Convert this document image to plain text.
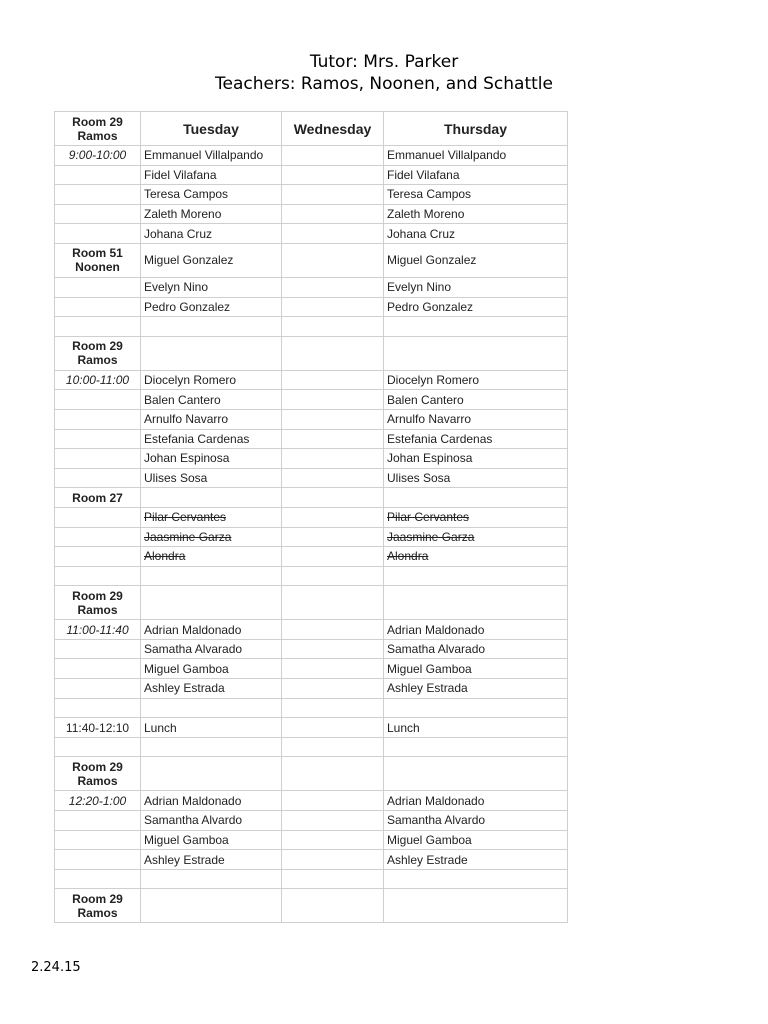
Tutor: Mrs. Parker
Teachers: Ramos, Noonen, and Schattle
Room 29
Ramos	Tuesday	Wednesday	Thursday
9:00-10:00	Emmanuel Villalpando		Emmanuel Villalpando
	Fidel Vilafana		Fidel Vilafana
	Teresa Campos		Teresa Campos
	Zaleth Moreno		Zaleth Moreno
	Johana Cruz		Johana Cruz

Room 51
Noonen	Miguel Gonzalez		Miguel Gonzalez
	Evelyn Nino		Evelyn Nino
	Pedro Gonzalez		Pedro Gonzalez

Room 29
Ramos			

10:00-11:00	Diocelyn Romero		Diocelyn Romero
	Balen Cantero		Balen Cantero
	Arnulfo Navarro		Arnulfo Navarro
	Estefania Cardenas		Estefania Cardenas
	Johan Espinosa		Johan Espinosa
	Ulises Sosa		Ulises Sosa
Room 27			
	Pilar Cervantes		Pilar Cervantes
	Jaasmine Garza		Jaasmine Garza
	Alondra		Alondra

Room 29
Ramos			

11:00-11:40	Adrian Maldonado		Adrian Maldonado
	Samatha Alvarado		Samatha Alvarado
	Miguel Gamboa		Miguel Gamboa
	Ashley Estrada		Ashley Estrada

11:40-12:10	Lunch		Lunch

Room 29
Ramos			

12:20-1:00	Adrian Maldonado		Adrian Maldonado
	Samantha Alvardo		Samantha Alvardo
	Miguel Gamboa		Miguel Gamboa
	Ashley Estrade		Ashley Estrade

Room 29
Ramos			

2.24.15
